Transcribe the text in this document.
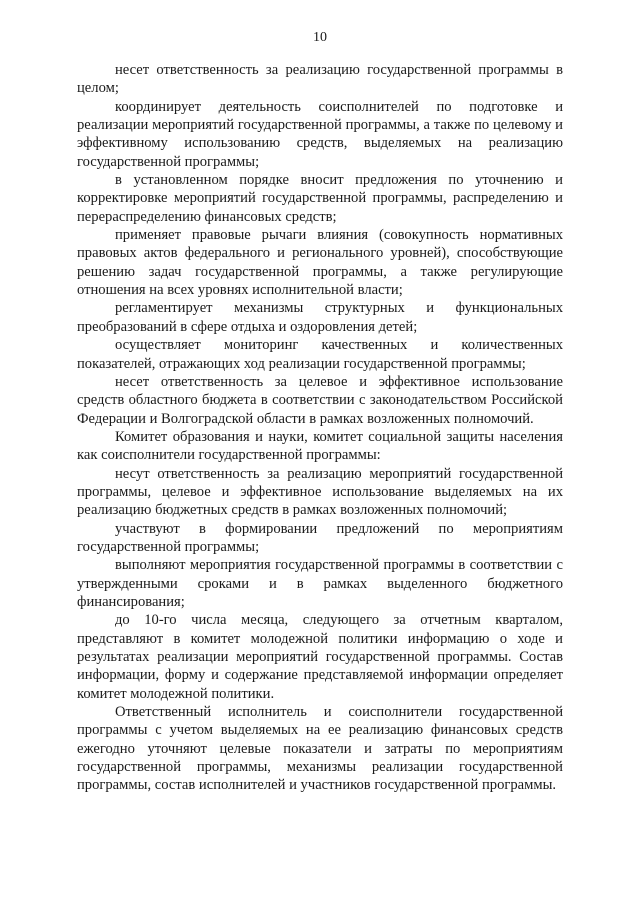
10

несет ответственность за реализацию государственной программы в целом;

координирует деятельность соисполнителей по подготовке и реализации мероприятий государственной программы, а также по целевому и эффективному использованию средств, выделяемых на реализацию государственной программы;

в установленном порядке вносит предложения по уточнению и корректировке мероприятий государственной программы, распределению и перераспределению финансовых средств;

применяет правовые рычаги влияния (совокупность нормативных правовых актов федерального и регионального уровней), способствующие решению задач государственной программы, а также регулирующие отношения на всех уровнях исполнительной власти;

регламентирует механизмы структурных и функциональных преобразований в сфере отдыха и оздоровления детей;

осуществляет мониторинг качественных и количественных показателей, отражающих ход реализации государственной программы;

несет ответственность за целевое и эффективное использование средств областного бюджета в соответствии с законодательством Российской Федерации и Волгоградской области в рамках возложенных полномочий.

Комитет образования и науки, комитет социальной защиты населения как соисполнители государственной программы:

несут ответственность за реализацию мероприятий государственной программы, целевое и эффективное использование выделяемых на их реализацию бюджетных средств в рамках возложенных полномочий;

участвуют в формировании предложений по мероприятиям государственной программы;

выполняют мероприятия государственной программы в соответствии с утвержденными сроками и в рамках выделенного бюджетного финансирования;

до 10-го числа месяца, следующего за отчетным кварталом, представляют в комитет молодежной политики информацию о ходе и результатах реализации мероприятий государственной программы. Состав информации, форму и содержание представляемой информации определяет комитет молодежной политики.

Ответственный исполнитель и соисполнители государственной программы с учетом выделяемых на ее реализацию финансовых средств ежегодно уточняют целевые показатели и затраты по мероприятиям государственной программы, механизмы реализации государственной программы, состав исполнителей и участников государственной программы.
